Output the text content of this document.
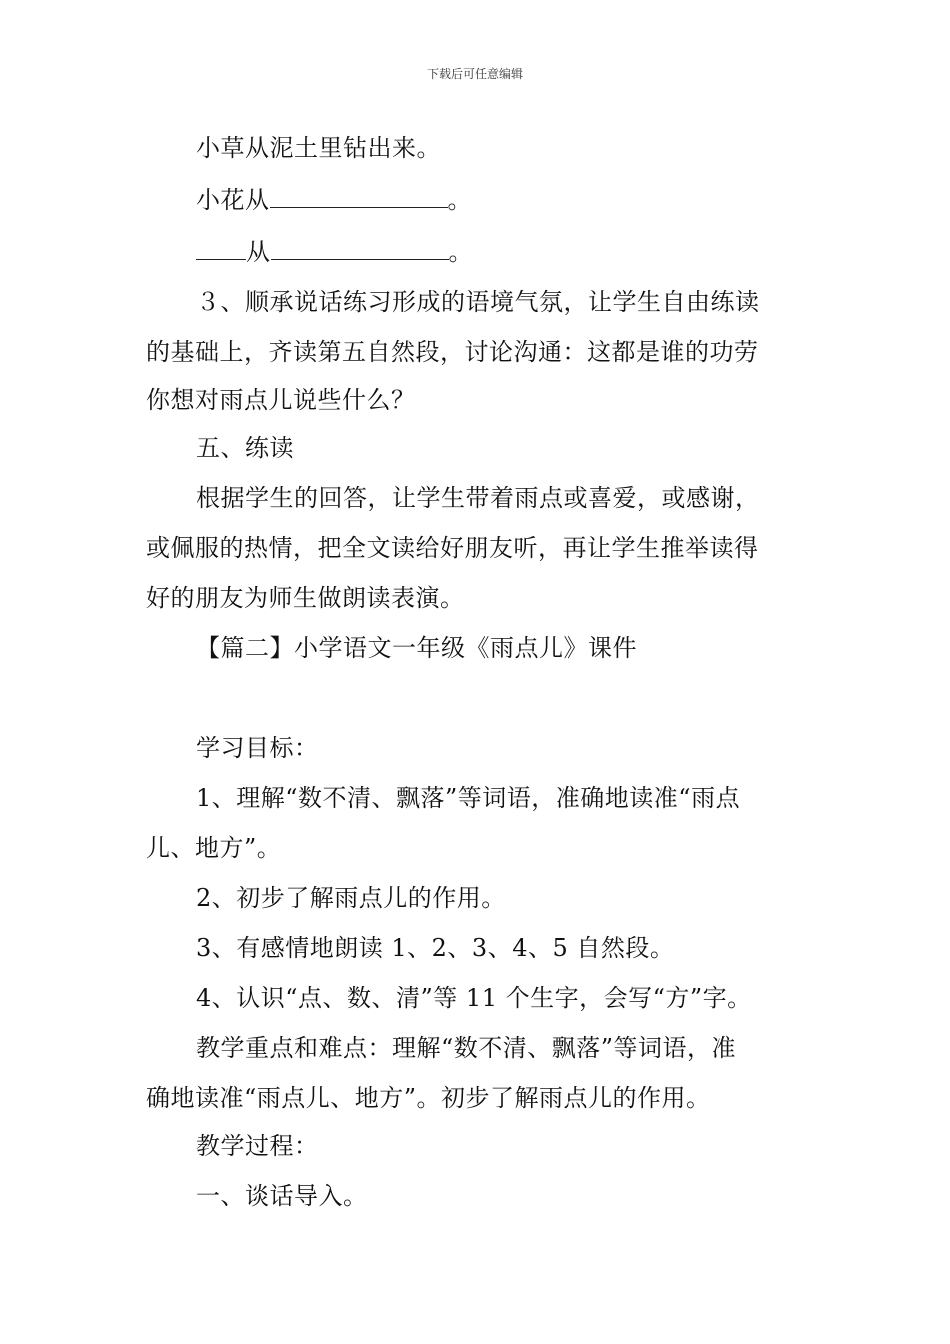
下载后可任意编辑
小草从泥土里钻出来。
小花从	。
从	。
３、顺承说话练习形成的语境气氛，让学生自由练读
的基础上，齐读第五自然段，讨论沟通：这都是谁的功劳
你想对雨点儿说些什么？
五、练读
根据学生的回答，让学生带着雨点或喜爱，或感谢，
或佩服的热情，把全文读给好朋友听，再让学生推举读得
好的朋友为师生做朗读表演。
【篇二】小学语文一年级《雨点儿》课件
学习目标：
1、理解“数不清、飘落”等词语，准确地读准“雨点
儿、地方”。
2、初步了解雨点儿的作用。
3、有感情地朗读 1、2、3、4、5 自然段。
4、认识“点、数、清”等 11 个生字，会写“方”字。
教学重点和难点：理解“数不清、飘落”等词语，准
确地读准“雨点儿、地方”。初步了解雨点儿的作用。
教学过程：
一、谈话导入。
